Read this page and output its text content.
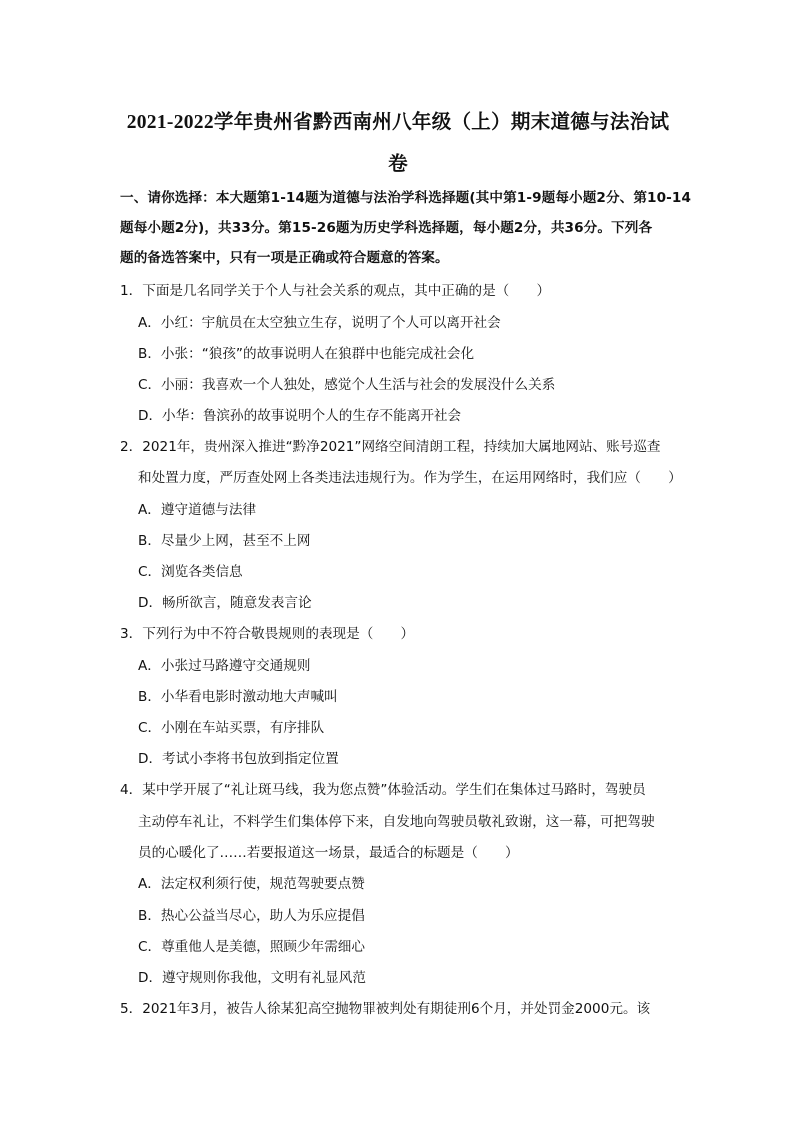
2021-2022学年贵州省黔西南州八年级（上）期末道德与法治试
卷
一、请你选择：本大题第1-14题为道德与法治学科选择题(其中第1-9题每小题2分、第10-14
题每小题2分)，共33分。第15-26题为历史学科选择题，每小题2分，共36分。下列各
题的备选答案中，只有一项是正确或符合题意的答案。
1．下面是几名同学关于个人与社会关系的观点，其中正确的是（　　）
A．小红：宇航员在太空独立生存，说明了个人可以离开社会
B．小张：“狼孩”的故事说明人在狼群中也能完成社会化
C．小丽：我喜欢一个人独处，感觉个人生活与社会的发展没什么关系
D．小华：鲁滨孙的故事说明个人的生存不能离开社会
2．2021年，贵州深入推进“黔净2021”网络空间清朗工程，持续加大属地网站、账号巡查
和处置力度，严厉查处网上各类违法违规行为。作为学生，在运用网络时，我们应（　　）
A．遵守道德与法律
B．尽量少上网，甚至不上网
C．浏览各类信息
D．畅所欲言，随意发表言论
3．下列行为中不符合敬畏规则的表现是（　　）
A．小张过马路遵守交通规则
B．小华看电影时激动地大声喊叫
C．小刚在车站买票，有序排队
D．考试小李将书包放到指定位置
4．某中学开展了“礼让斑马线，我为您点赞”体验活动。学生们在集体过马路时，驾驶员
主动停车礼让，不料学生们集体停下来，自发地向驾驶员敬礼致谢，这一幕，可把驾驶
员的心暖化了……若要报道这一场景，最适合的标题是（　　）
A．法定权利须行使，规范驾驶要点赞
B．热心公益当尽心，助人为乐应提倡
C．尊重他人是美德，照顾少年需细心
D．遵守规则你我他，文明有礼显风范
5．2021年3月，被告人徐某犯高空抛物罪被判处有期徒刑6个月，并处罚金2000元。该
